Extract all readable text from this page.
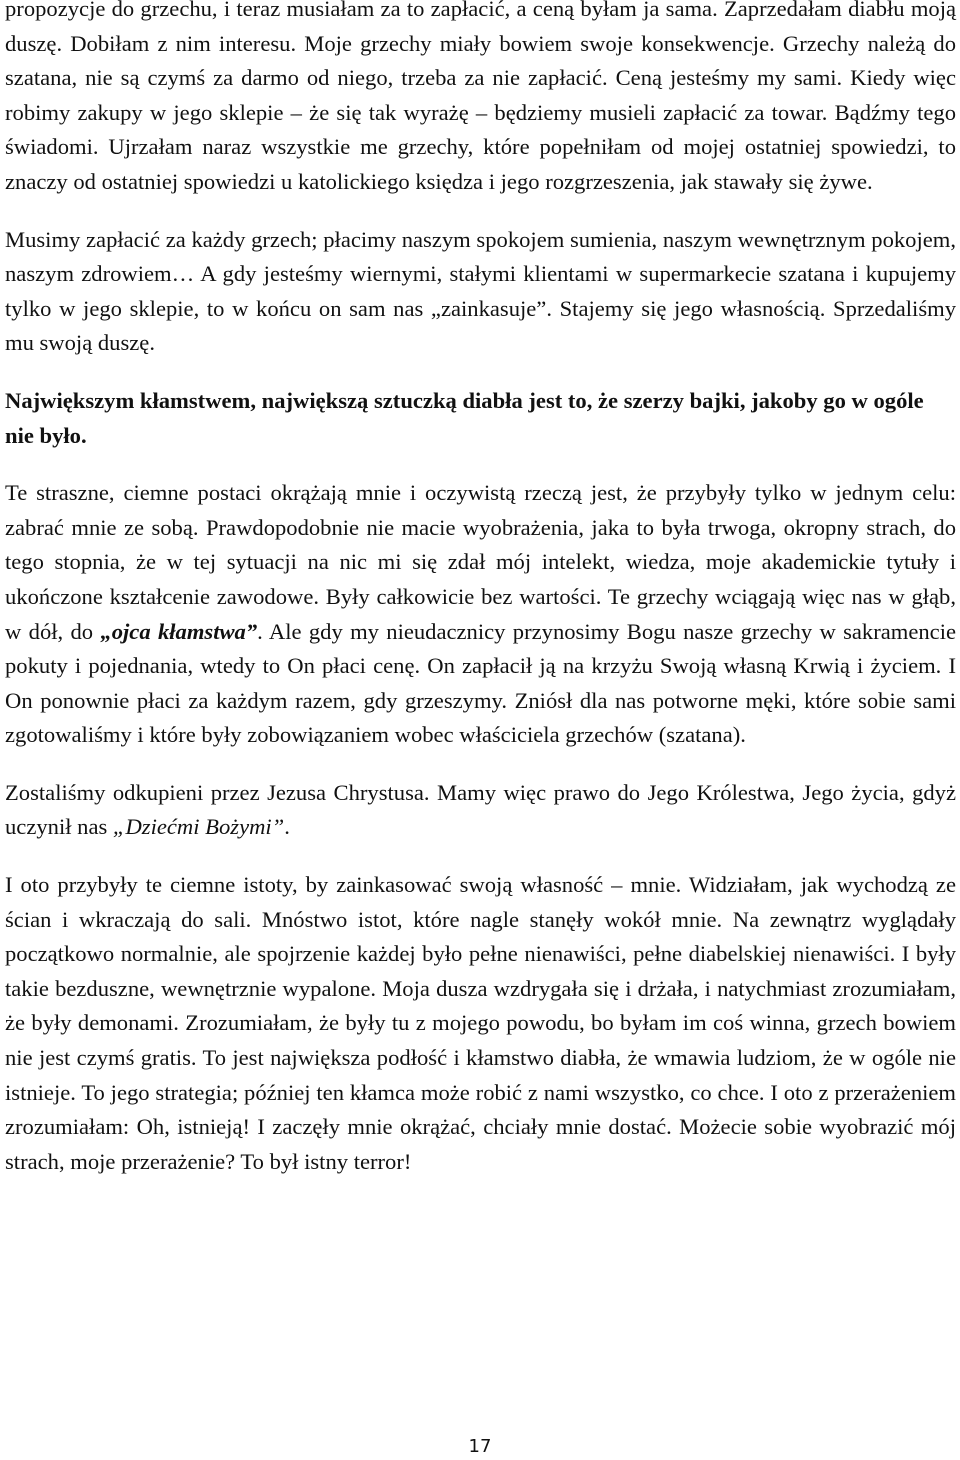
propozycje do grzechu, i teraz musiałam za to zapłacić, a ceną byłam ja sama. Zaprzedałam diabłu moją duszę. Dobiłam z nim interesu. Moje grzechy miały bowiem swoje konsekwencje. Grzechy należą do szatana, nie są czymś za darmo od niego, trzeba za nie zapłacić. Ceną jesteśmy my sami. Kiedy więc robimy zakupy w jego sklepie – że się tak wyrażę – będziemy musieli zapłacić za towar. Bądźmy tego świadomi. Ujrzałam naraz wszystkie me grzechy, które popełniłam od mojej ostatniej spowiedzi, to znaczy od ostatniej spowiedzi u katolickiego księdza i jego rozgrzeszenia, jak stawały się żywe.

Musimy zapłacić za każdy grzech; płacimy naszym spokojem sumienia, naszym wewnętrznym pokojem, naszym zdrowiem… A gdy jesteśmy wiernymi, stałymi klientami w supermarkecie szatana i kupujemy tylko w jego sklepie, to w końcu on sam nas „zainkasuje”. Stajemy się jego własnością. Sprzedaliśmy mu swoją duszę.

Największym kłamstwem, największą sztuczką diabła jest to, że szerzy bajki, jakoby go w ogóle nie było.

Te straszne, ciemne postaci okrążają mnie i oczywistą rzeczą jest, że przybyły tylko w jednym celu: zabrać mnie ze sobą. Prawdopodobnie nie macie wyobrażenia, jaka to była trwoga, okropny strach, do tego stopnia, że w tej sytuacji na nic mi się zdał mój intelekt, wiedza, moje akademickie tytuły i ukończone kształcenie zawodowe. Były całkowicie bez wartości. Te grzechy wciągają więc nas w głąb, w dół, do „ojca kłamstwa”. Ale gdy my nieudacznicy przynosimy Bogu nasze grzechy w sakramencie pokuty i pojednania, wtedy to On płaci cenę. On zapłacił ją na krzyżu Swoją własną Krwią i życiem. I On ponownie płaci za każdym razem, gdy grzeszymy. Zniósł dla nas potworne męki, które sobie sami zgotowaliśmy i które były zobowiązaniem wobec właściciela grzechów (szatana).

Zostaliśmy odkupieni przez Jezusa Chrystusa. Mamy więc prawo do Jego Królestwa, Jego życia, gdyż uczynił nas „Dziećmi Bożymi”.

I oto przybyły te ciemne istoty, by zainkasować swoją własność – mnie. Widziałam, jak wychodzą ze ścian i wkraczają do sali. Mnóstwo istot, które nagle stanęły wokół mnie. Na zewnątrz wyglądały początkowo normalnie, ale spojrzenie każdej było pełne nienawiści, pełne diabelskiej nienawiści. I były takie bezduszne, wewnętrznie wypalone. Moja dusza wzdrygała się i drżała, i natychmiast zrozumiałam, że były demonami. Zrozumiałam, że były tu z mojego powodu, bo byłam im coś winna, grzech bowiem nie jest czymś gratis. To jest największa podłość i kłamstwo diabła, że wmawia ludziom, że w ogóle nie istnieje. To jego strategia; później ten kłamca może robić z nami wszystko, co chce. I oto z przerażeniem zrozumiałam: Oh, istnieją! I zaczęły mnie okrążać, chciały mnie dostać. Możecie sobie wyobrazić mój strach, moje przerażenie? To był istny terror!

17
